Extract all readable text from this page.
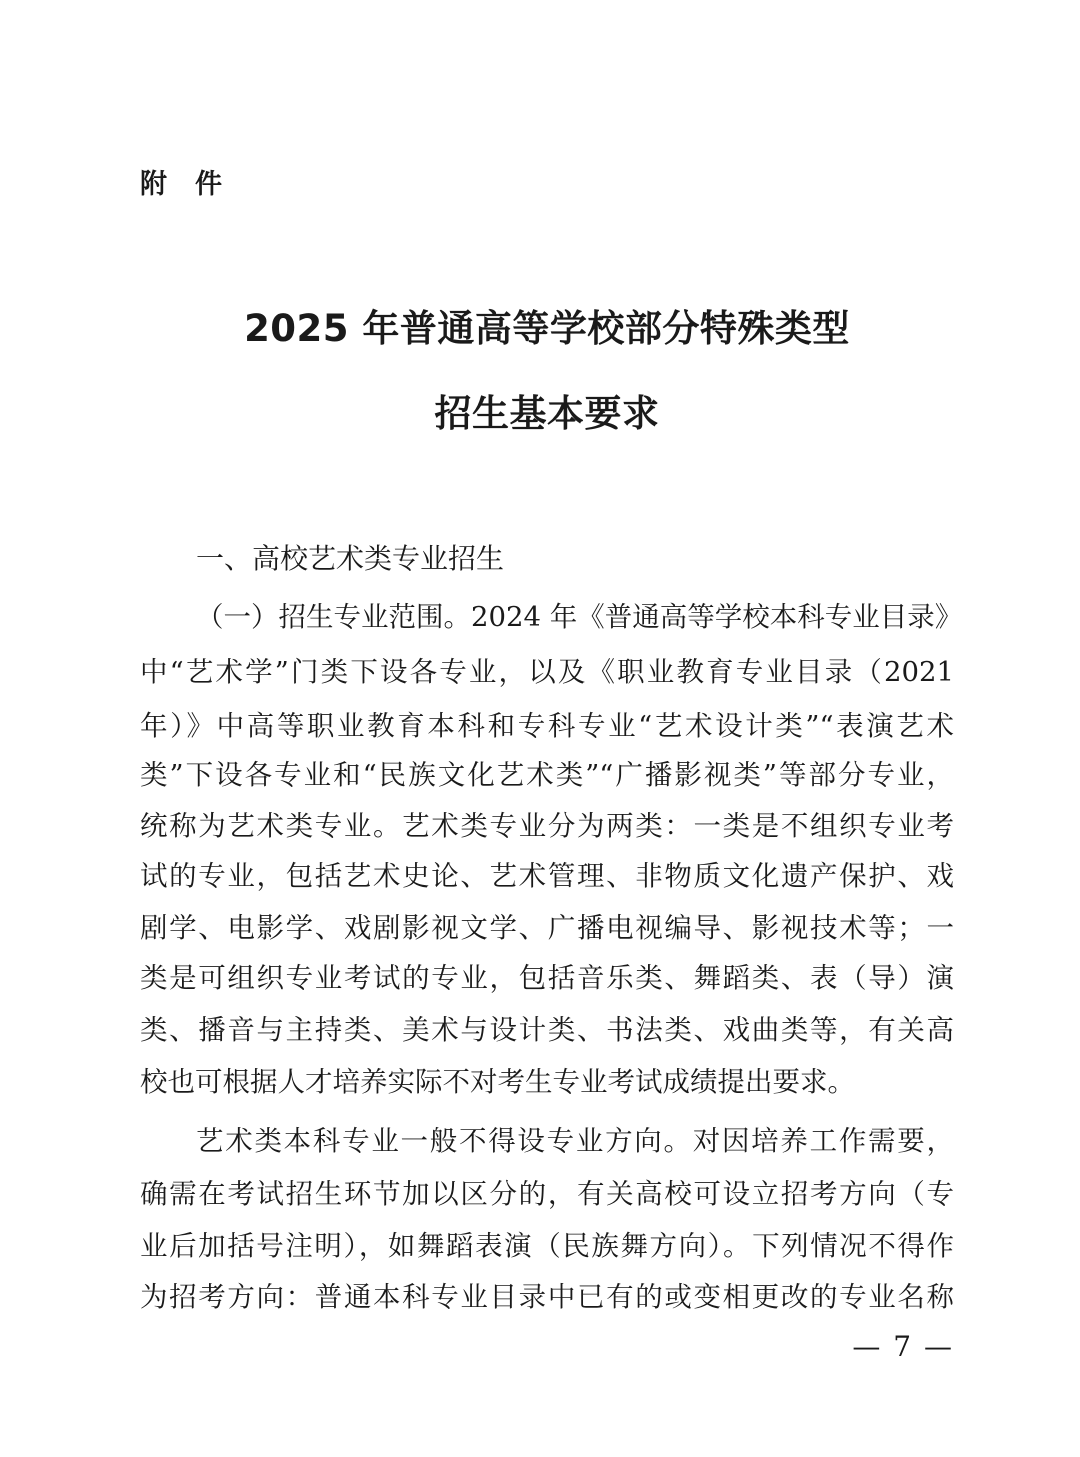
附件
2025 年普通高等学校部分特殊类型
招生基本要求
一、高校艺术类专业招生
（一）招生专业范围。2024 年《普通高等学校本科专业目录》
中“艺术学”门类下设各专业，以及《职业教育专业目录（2021
年）》中高等职业教育本科和专科专业“艺术设计类”“表演艺术
类”下设各专业和“民族文化艺术类”“广播影视类”等部分专业，
统称为艺术类专业。艺术类专业分为两类：一类是不组织专业考
试的专业，包括艺术史论、艺术管理、非物质文化遗产保护、戏
剧学、电影学、戏剧影视文学、广播电视编导、影视技术等；一
类是可组织专业考试的专业，包括音乐类、舞蹈类、表（导）演
类、播音与主持类、美术与设计类、书法类、戏曲类等，有关高
校也可根据人才培养实际不对考生专业考试成绩提出要求。
艺术类本科专业一般不得设专业方向。对因培养工作需要，
确需在考试招生环节加以区分的，有关高校可设立招考方向（专
业后加括号注明），如舞蹈表演（民族舞方向）。下列情况不得作
为招考方向：普通本科专业目录中已有的或变相更改的专业名称
— 7 —
